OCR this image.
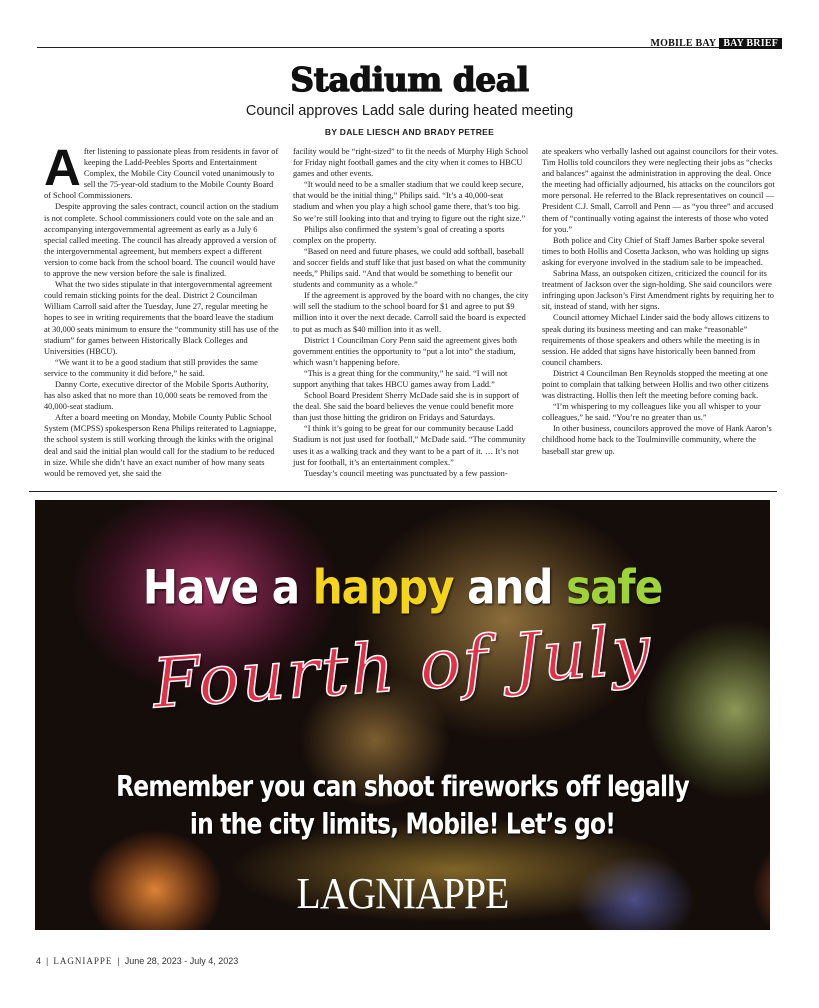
MOBILE BAY BAY BRIEF
Stadium deal
Council approves Ladd sale during heated meeting
BY DALE LIESCH AND BRADY PETREE

After listening to passionate pleas from residents in favor of keeping the Ladd-Peebles Sports and Entertainment Complex, the Mobile City Council voted unanimously to sell the 75-year-old stadium to the Mobile County Board of School Commissioners.

Despite approving the sales contract, council action on the stadium is not complete. School commissioners could vote on the sale and an accompanying intergovernmental agreement as early as a July 6 special called meeting. The council has already approved a version of the intergovernmental agreement, but members expect a different version to come back from the school board. The council would have to approve the new version before the sale is finalized.

What the two sides stipulate in that intergovernmental agreement could remain sticking points for the deal. District 2 Councilman William Carroll said after the Tuesday, June 27, regular meeting he hopes to see in writing requirements that the board leave the stadium at 30,000 seats minimum to ensure the “community still has use of the stadium” for games between Historically Black Colleges and Universities (HBCU).

“We want it to be a good stadium that still provides the same service to the community it did before,” he said.

Danny Corte, executive director of the Mobile Sports Authority, has also asked that no more than 10,000 seats be removed from the 40,000-seat stadium.

After a board meeting on Monday, Mobile County Public School System (MCPSS) spokesperson Rena Philips reiterated to Lagniappe, the school system is still working through the kinks with the original deal and said the initial plan would call for the stadium to be reduced in size. While she didn’t have an exact number of how many seats would be removed yet, she said the

facility would be “right-sized” to fit the needs of Murphy High School for Friday night football games and the city when it comes to HBCU games and other events.

“It would need to be a smaller stadium that we could keep secure, that would be the initial thing,” Philips said. “It’s a 40,000-seat stadium and when you play a high school game there, that’s too big. So we’re still looking into that and trying to figure out the right size.”

Philips also confirmed the system’s goal of creating a sports complex on the property.

“Based on need and future phases, we could add softball, baseball and soccer fields and stuff like that just based on what the community needs,” Philips said. “And that would be something to benefit our students and community as a whole.”

If the agreement is approved by the board with no changes, the city will sell the stadium to the school board for $1 and agree to put $9 million into it over the next decade. Carroll said the board is expected to put as much as $40 million into it as well.

District 1 Councilman Cory Penn said the agreement gives both government entities the opportunity to “put a lot into” the stadium, which wasn’t happening before.

“This is a great thing for the community,” he said. “I will not support anything that takes HBCU games away from Ladd.”

School Board President Sherry McDade said she is in support of the deal. She said the board believes the venue could benefit more than just those hitting the gridiron on Fridays and Saturdays.

“I think it’s going to be great for our community because Ladd Stadium is not just used for football,” McDade said. “The community uses it as a walking track and they want to be a part of it. … It’s not just for football, it’s an entertainment complex.”

Tuesday’s council meeting was punctuated by a few passion-

ate speakers who verbally lashed out against councilors for their votes. Tim Hollis told councilors they were neglecting their jobs as “checks and balances” against the administration in approving the deal. Once the meeting had officially adjourned, his attacks on the councilors got more personal. He referred to the Black representatives on council — President C.J. Small, Carroll and Penn — as “you three” and accused them of “continually voting against the interests of those who voted for you.”

Both police and City Chief of Staff James Barber spoke several times to both Hollis and Cosetta Jackson, who was holding up signs asking for everyone involved in the stadium sale to be impeached.

Sabrina Mass, an outspoken citizen, criticized the council for its treatment of Jackson over the sign-holding. She said councilors were infringing upon Jackson’s First Amendment rights by requiring her to sit, instead of stand, with her signs.

Council attorney Michael Linder said the body allows citizens to speak during its business meeting and can make “reasonable” requirements of those speakers and others while the meeting is in session. He added that signs have historically been banned from council chambers.

District 4 Councilman Ben Reynolds stopped the meeting at one point to complain that talking between Hollis and two other citizens was distracting. Hollis then left the meeting before coming back.

“I’m whispering to my colleagues like you all whisper to your colleagues,” he said. “You’re no greater than us.”

In other business, councilors approved the move of Hank Aaron’s childhood home back to the Toulminville community, where the baseball star grew up.

Have a happy and safe
Fourth of July
Remember you can shoot fireworks off legally
in the city limits, Mobile! Let’s go!
LAGNIAPPE
4 | LAGNIAPPE | June 28, 2023 - July 4, 2023
